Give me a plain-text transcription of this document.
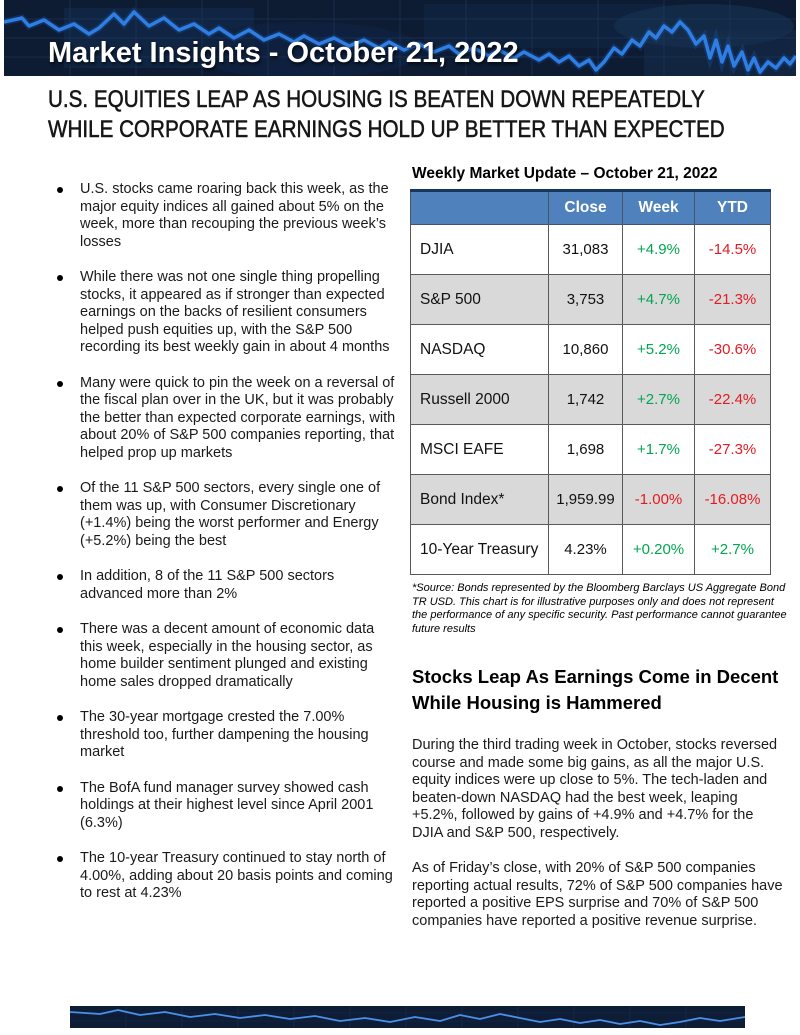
Market Insights - October 21, 2022
U.S. EQUITIES LEAP AS HOUSING IS BEATEN DOWN REPEATEDLY WHILE CORPORATE EARNINGS HOLD UP BETTER THAN EXPECTED
U.S. stocks came roaring back this week, as the major equity indices all gained about 5% on the week, more than recouping the previous week’s losses
While there was not one single thing propelling stocks, it appeared as if stronger than expected earnings on the backs of resilient consumers helped push equities up, with the S&P 500 recording its best weekly gain in about 4 months
Many were quick to pin the week on a reversal of the fiscal plan over in the UK, but it was probably the better than expected corporate earnings, with about 20% of S&P 500 companies reporting, that helped prop up markets
Of the 11 S&P 500 sectors, every single one of them was up, with Consumer Discretionary (+1.4%) being the worst performer and Energy (+5.2%) being the best
In addition, 8 of the 11 S&P 500 sectors advanced more than 2%
There was a decent amount of economic data this week, especially in the housing sector, as home builder sentiment plunged and existing home sales dropped dramatically
The 30-year mortgage crested the 7.00% threshold too, further dampening the housing market
The BofA fund manager survey showed cash holdings at their highest level since April 2001 (6.3%)
The 10-year Treasury continued to stay north of 4.00%, adding about 20 basis points and coming to rest at 4.23%
Weekly Market Update – October 21, 2022
	Close	Week	YTD
DJIA	31,083	+4.9%	-14.5%
S&P 500	3,753	+4.7%	-21.3%
NASDAQ	10,860	+5.2%	-30.6%
Russell 2000	1,742	+2.7%	-22.4%
MSCI EAFE	1,698	+1.7%	-27.3%
Bond Index*	1,959.99	-1.00%	-16.08%
10-Year Treasury	4.23%	+0.20%	+2.7%
*Source: Bonds represented by the Bloomberg Barclays US Aggregate Bond TR USD. This chart is for illustrative purposes only and does not represent the performance of any specific security. Past performance cannot guarantee future results
Stocks Leap As Earnings Come in Decent While Housing is Hammered

During the third trading week in October, stocks reversed course and made some big gains, as all the major U.S. equity indices were up close to 5%. The tech-laden and beaten-down NASDAQ had the best week, leaping +5.2%, followed by gains of +4.9% and +4.7% for the DJIA and S&P 500, respectively.

As of Friday’s close, with 20% of S&P 500 companies reporting actual results, 72% of S&P 500 companies have reported a positive EPS surprise and 70% of S&P 500 companies have reported a positive revenue surprise.
